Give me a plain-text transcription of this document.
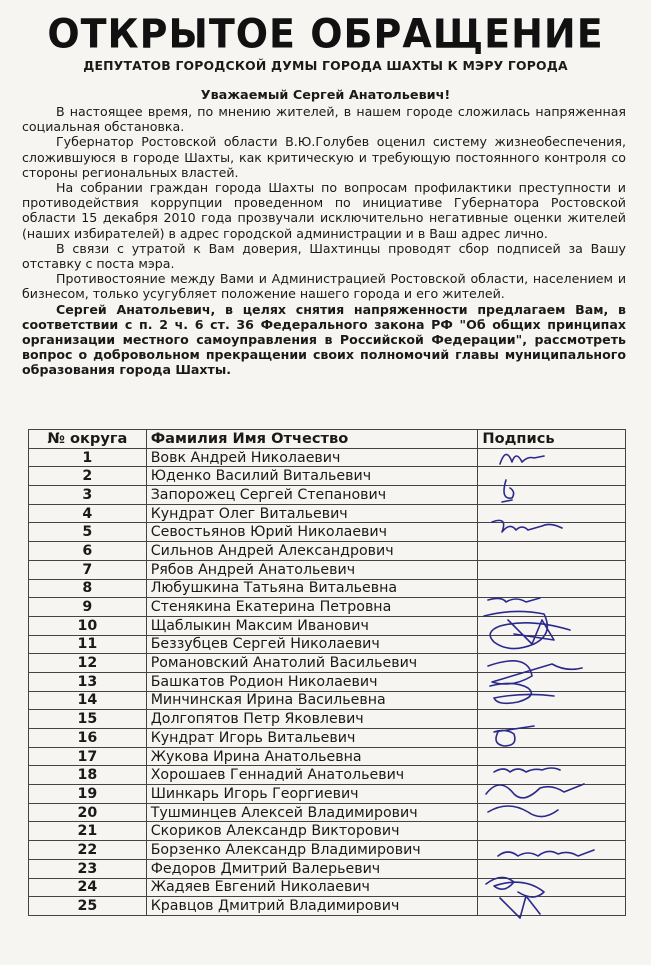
ОТКРЫТОЕ ОБРАЩЕНИЕ
ДЕПУТАТОВ ГОРОДСКОЙ ДУМЫ ГОРОДА ШАХТЫ К МЭРУ ГОРОДА
Уважаемый Сергей Анатольевич!

В настоящее время, по мнению жителей, в нашем городе сложилась напряженная социальная обстановка.

Губернатор Ростовской области В.Ю.Голубев оценил систему жизнеобеспечения, сложившуюся в городе Шахты, как критическую и требующую постоянного контроля со стороны региональных властей.

На собрании граждан города Шахты по вопросам профилактики преступности и противодействия коррупции проведенном по инициативе Губернатора Ростовской области 15 декабря 2010 года прозвучали исключительно негативные оценки жителей (наших избирателей) в адрес городской администрации и в Ваш адрес лично.

В связи с утратой к Вам доверия, Шахтинцы проводят сбор подписей за Вашу отставку с поста мэра.

Противостояние между Вами и Администрацией Ростовской области, населением и бизнесом, только усугубляет положение нашего города и его жителей.

Сергей Анатольевич, в целях снятия напряженности предлагаем Вам, в соответствии с п. 2 ч. 6 ст. 36 Федерального закона РФ "Об общих принципах организации местного самоуправления в Российской Федерации", рассмотреть вопрос о добровольном прекращении своих полномочий главы муниципального образования города Шахты.

№ округа	Фамилия Имя Отчество	Подпись
1	Вовк Андрей Николаевич	
2	Юденко Василий Витальевич	
3	Запорожец Сергей Степанович	
4	Кундрат Олег Витальевич	
5	Севостьянов Юрий Николаевич	
6	Сильнов Андрей Александрович	
7	Рябов Андрей Анатольевич	
8	Любушкина Татьяна Витальевна	
9	Стенякина Екатерина Петровна	
10	Щаблыкин Максим Иванович	
11	Беззубцев Сергей Николаевич	
12	Романовский Анатолий Васильевич	
13	Башкатов Родион Николаевич	
14	Минчинская Ирина Васильевна	
15	Долгопятов Петр Яковлевич	
16	Кундрат Игорь Витальевич	
17	Жукова Ирина Анатольевна	
18	Хорошаев Геннадий Анатольевич	
19	Шинкарь Игорь Георгиевич	
20	Тушминцев Алексей Владимирович	
21	Скориков Александр Викторович	
22	Борзенко Александр Владимирович	
23	Федоров Дмитрий Валерьевич	
24	Жадяев Евгений Николаевич	
25	Кравцов Дмитрий Владимирович	
